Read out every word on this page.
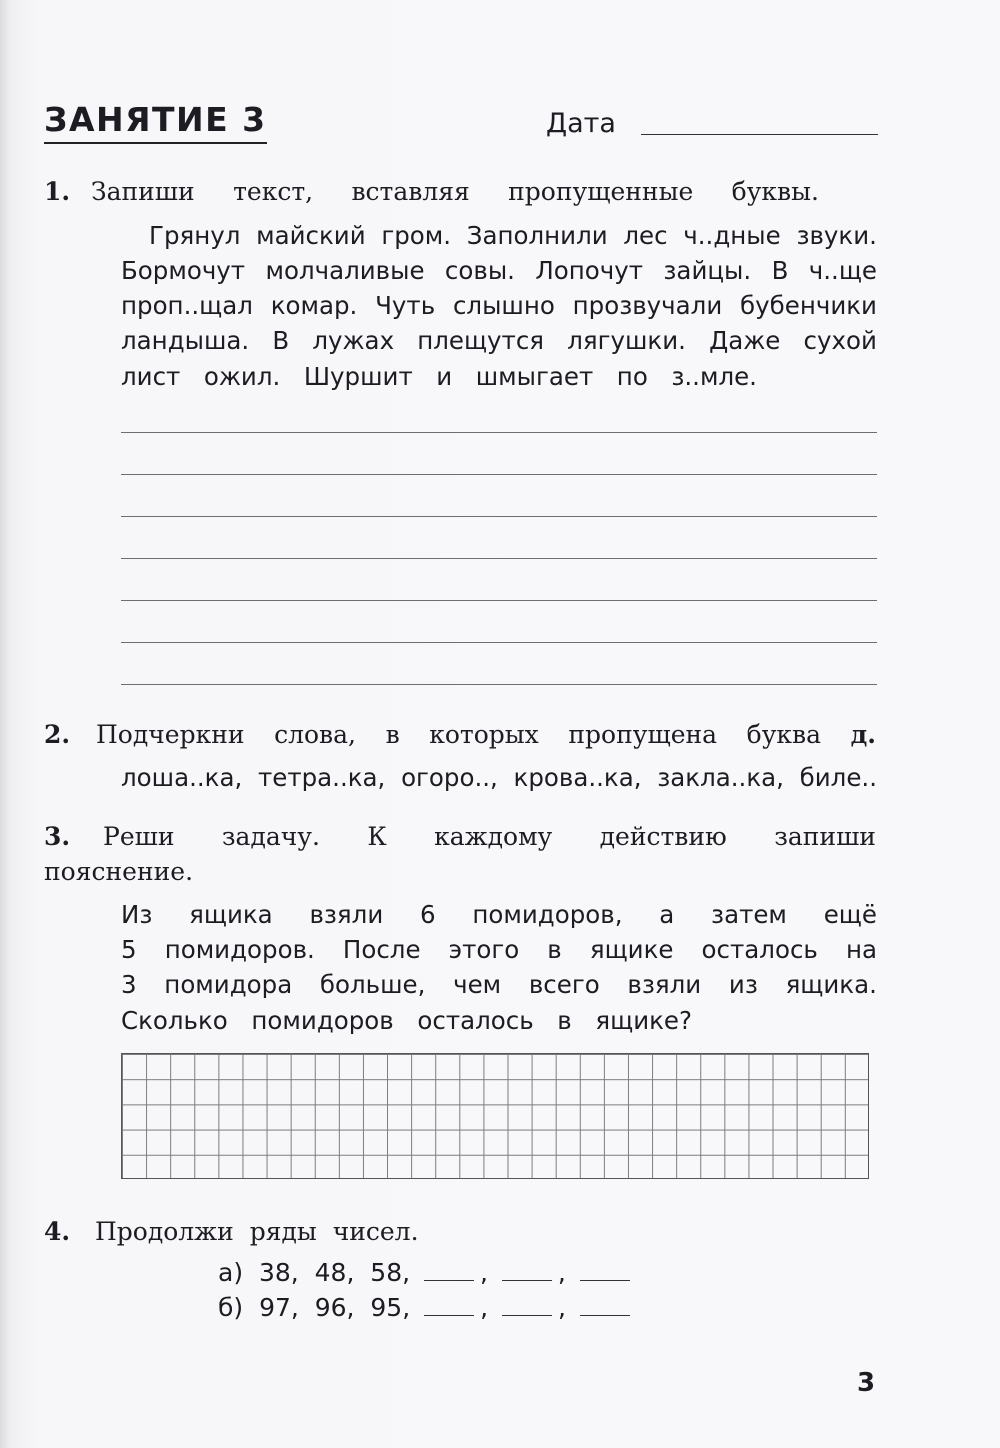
ЗАНЯТИЕ 3	Дата
1. Запиши текст, вставляя пропущенные буквы.
Грянул майский гром. Заполнили лес ч..дные звуки.
Бормочут молчаливые совы. Лопочут зайцы. В ч..ще
проп..щал комар. Чуть слышно прозвучали бубенчики
ландыша. В лужах плещутся лягушки. Даже сухой
лист ожил. Шуршит и шмыгает по з..мле.
2. Подчеркни слова, в которых пропущена буква д.
лоша..ка, тетра..ка, огоро.., крова..ка, закла..ка, биле..
3. Реши задачу. К каждому действию запиши
пояснение.
Из ящика взяли 6 помидоров, а затем ещё
5 помидоров. После этого в ящике осталось на
3 помидора больше, чем всего взяли из ящика.
Сколько помидоров осталось в ящике?
4. Продолжи  ряды  чисел.
а) 38,  48,  58,	, ,
б) 97,  96,  95,	, ,
3
